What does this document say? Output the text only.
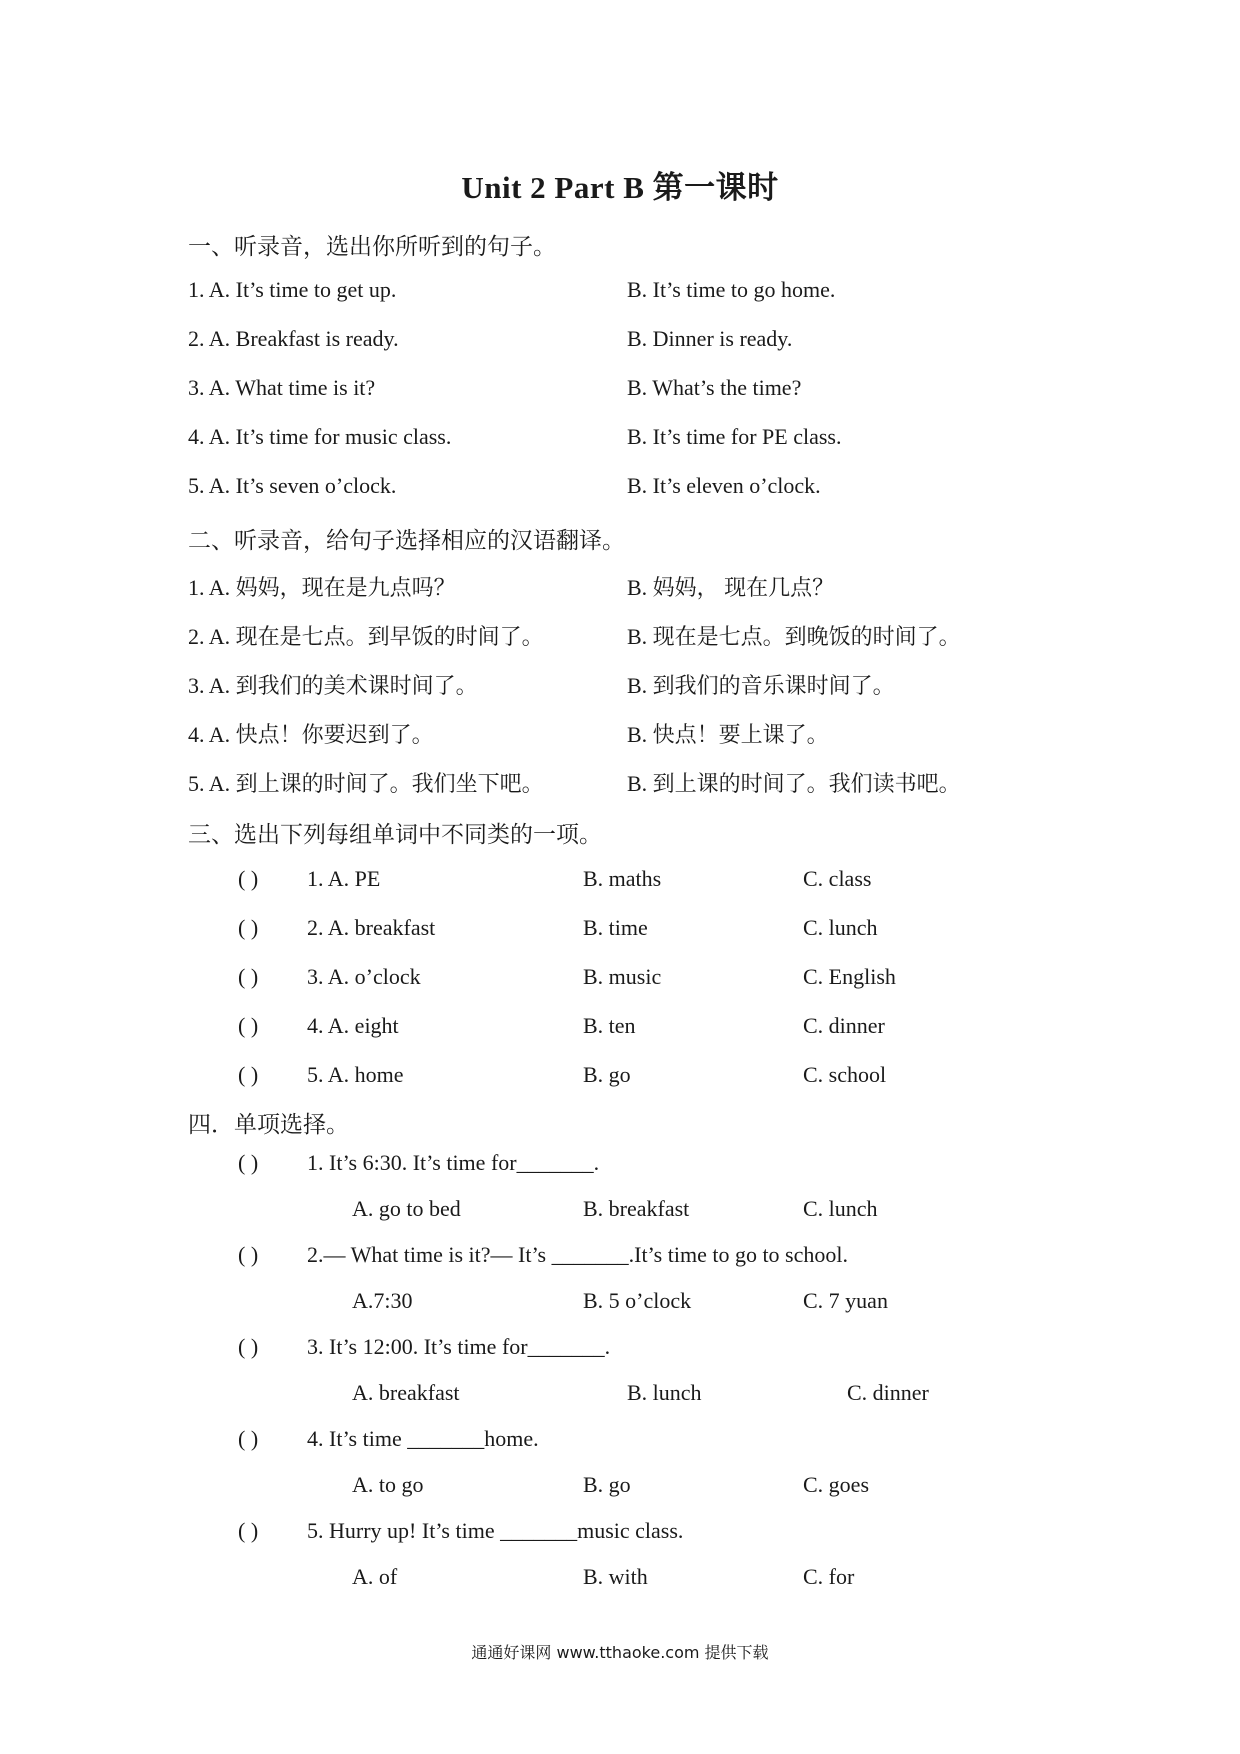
Unit 2 Part B 第一课时
一、听录音，选出你所听到的句子。
1. A. It’s time to get up.	B. It’s time to go home.
2. A. Breakfast is ready.	B. Dinner is ready.
3. A. What time is it?	B. What’s the time?
4. A. It’s time for music class.	B. It’s time for PE class.
5. A. It’s seven o’clock.	B. It’s eleven o’clock.
二、听录音，给句子选择相应的汉语翻译。
1. A. 妈妈，现在是九点吗？	B. 妈妈， 现在几点？
2. A. 现在是七点。到早饭的时间了。	B. 现在是七点。到晚饭的时间了。
3. A. 到我们的美术课时间了。	B. 到我们的音乐课时间了。
4. A. 快点！你要迟到了。	B. 快点！要上课了。
5. A. 到上课的时间了。我们坐下吧。	B. 到上课的时间了。我们读书吧。
三、选出下列每组单词中不同类的一项。
( ) 1. A. PE	B. maths	C. class
( ) 2. A. breakfast	B. time	C. lunch
( ) 3. A. o’clock	B. music	C. English
( ) 4. A. eight	B. ten	C. dinner
( ) 5. A. home	B. go	C. school
四．单项选择。
( ) 1. It’s 6:30. It’s time for_______.
A. go to bed	B. breakfast	C. lunch
( ) 2.— What time is it?— It’s _______.It’s time to go to school.
A.7:30	B. 5 o’clock	C. 7 yuan
( ) 3. It’s 12:00. It’s time for_______.
A. breakfast	B. lunch	C. dinner
( ) 4. It’s time _______home.
A. to go	B. go	C. goes
( ) 5. Hurry up! It’s time _______music class.
A. of	B. with	C. for
通通好课网 www.tthaoke.com 提供下载
